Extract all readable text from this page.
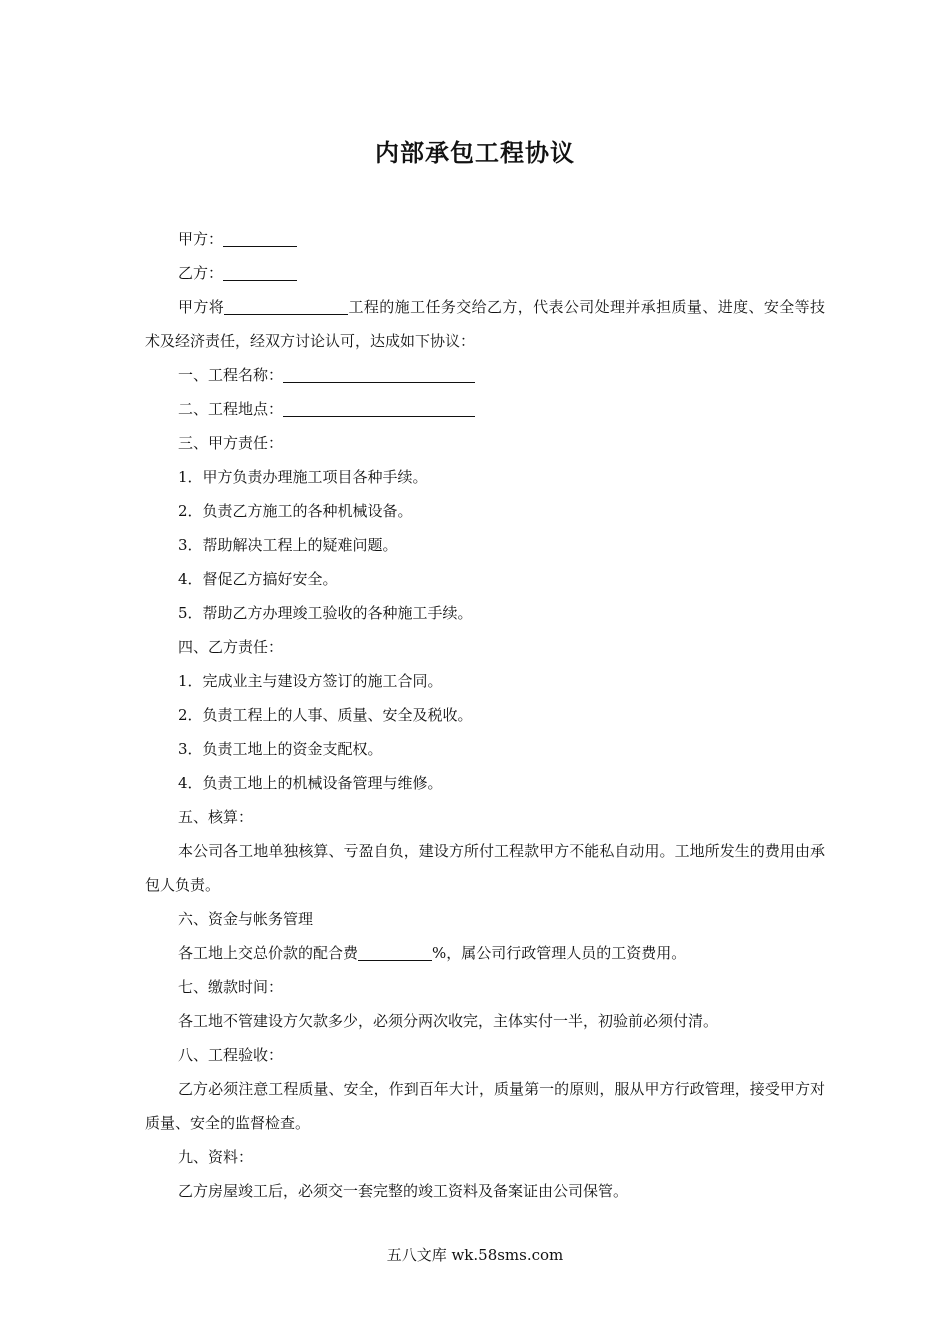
内部承包工程协议

甲方：

乙方：

甲方将	工程的施工任务交给乙方，代表公司处理并承担质量、进度、安全等技术及经济责任，经双方讨论认可，达成如下协议：

一、工程名称：

二、工程地点：

三、甲方责任：

1．甲方负责办理施工项目各种手续。

2．负责乙方施工的各种机械设备。

3．帮助解决工程上的疑难问题。

4．督促乙方搞好安全。

5．帮助乙方办理竣工验收的各种施工手续。

四、乙方责任：

1．完成业主与建设方签订的施工合同。

2．负责工程上的人事、质量、安全及税收。

3．负责工地上的资金支配权。

4．负责工地上的机械设备管理与维修。

五、核算：

本公司各工地单独核算、亏盈自负，建设方所付工程款甲方不能私自动用。工地所发生的费用由承包人负责。

六、资金与帐务管理

各工地上交总价款的配合费	%，属公司行政管理人员的工资费用。

七、缴款时间：

各工地不管建设方欠款多少，必须分两次收完，主体实付一半，初验前必须付清。

八、工程验收：

乙方必须注意工程质量、安全，作到百年大计，质量第一的原则，服从甲方行政管理，接受甲方对质量、安全的监督检查。

九、资料：

乙方房屋竣工后，必须交一套完整的竣工资料及备案证由公司保管。

五八文库 wk.58sms.com
